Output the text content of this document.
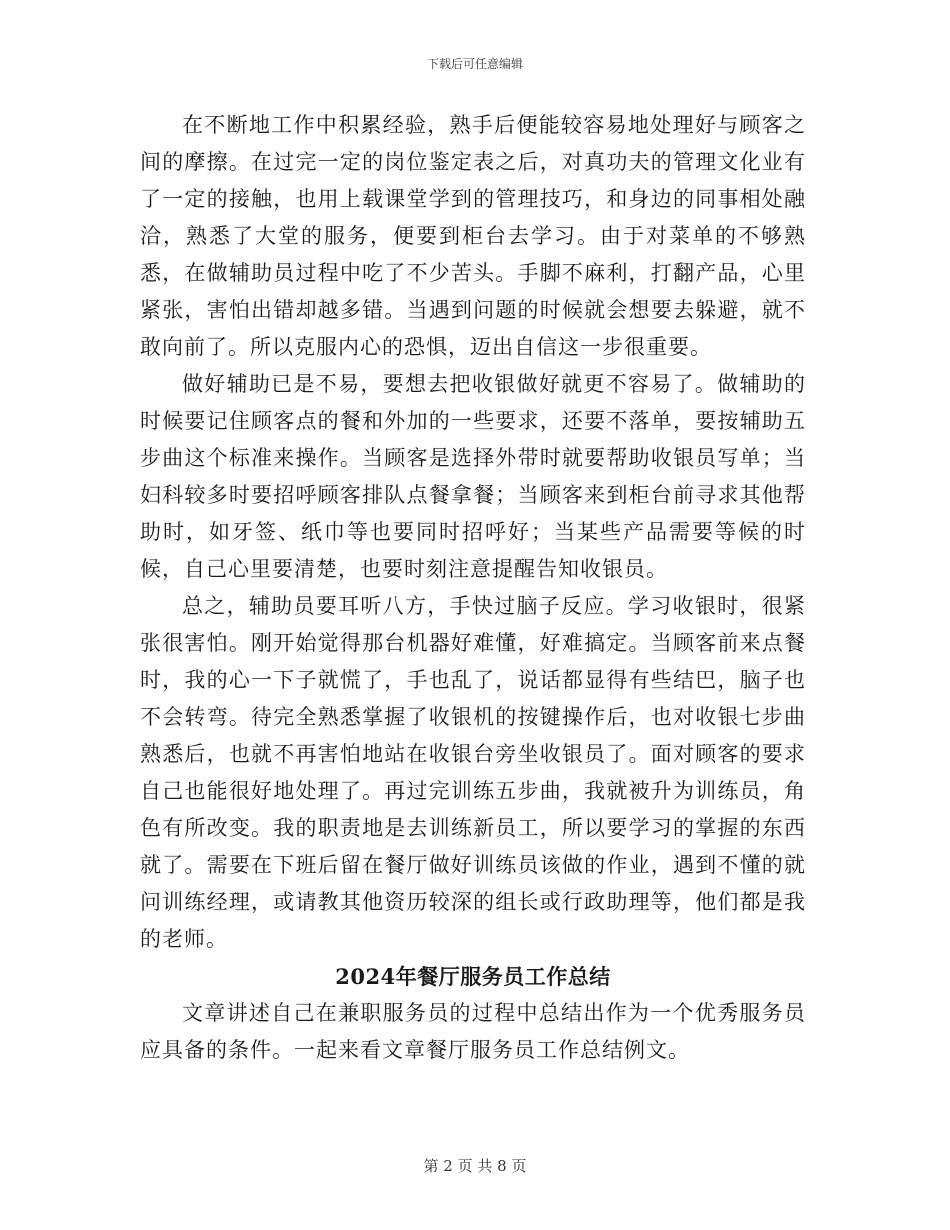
下载后可任意编辑

在不断地工作中积累经验，熟手后便能较容易地处理好与顾客之间的摩擦。在过完一定的岗位鉴定表之后，对真功夫的管理文化业有了一定的接触，也用上载课堂学到的管理技巧，和身边的同事相处融洽，熟悉了大堂的服务，便要到柜台去学习。由于对菜单的不够熟悉，在做辅助员过程中吃了不少苦头。手脚不麻利，打翻产品，心里紧张，害怕出错却越多错。当遇到问题的时候就会想要去躲避，就不敢向前了。所以克服内心的恐惧，迈出自信这一步很重要。

做好辅助已是不易，要想去把收银做好就更不容易了。做辅助的时候要记住顾客点的餐和外加的一些要求，还要不落单，要按辅助五步曲这个标准来操作。当顾客是选择外带时就要帮助收银员写单；当妇科较多时要招呼顾客排队点餐拿餐；当顾客来到柜台前寻求其他帮助时，如牙签、纸巾等也要同时招呼好；当某些产品需要等候的时候，自己心里要清楚，也要时刻注意提醒告知收银员。

总之，辅助员要耳听八方，手快过脑子反应。学习收银时，很紧张很害怕。刚开始觉得那台机器好难懂，好难搞定。当顾客前来点餐时，我的心一下子就慌了，手也乱了，说话都显得有些结巴，脑子也不会转弯。待完全熟悉掌握了收银机的按键操作后，也对收银七步曲熟悉后，也就不再害怕地站在收银台旁坐收银员了。面对顾客的要求自己也能很好地处理了。再过完训练五步曲，我就被升为训练员，角色有所改变。我的职责地是去训练新员工，所以要学习的掌握的东西就了。需要在下班后留在餐厅做好训练员该做的作业，遇到不懂的就问训练经理，或请教其他资历较深的组长或行政助理等，他们都是我的老师。

2024年餐厅服务员工作总结

文章讲述自己在兼职服务员的过程中总结出作为一个优秀服务员应具备的条件。一起来看文章餐厅服务员工作总结例文。

第 2 页 共 8 页
